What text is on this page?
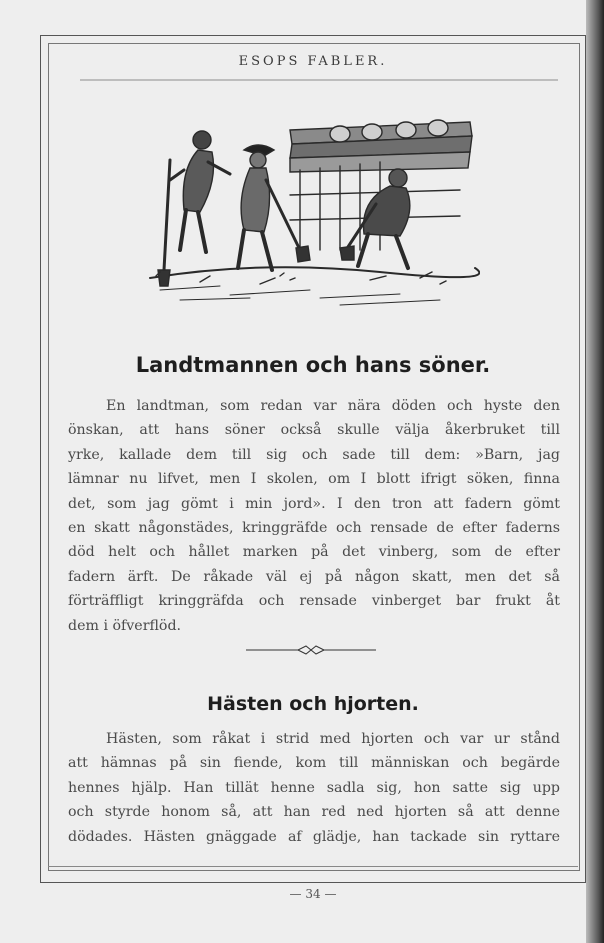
ESOPS FABLER.
Landtmannen och hans söner.
En landtman, som redan var nära döden och hyste den
önskan, att hans söner också skulle välja åkerbruket till
yrke, kallade dem till sig och sade till dem: »Barn, jag
lämnar nu lifvet, men I skolen, om I blott ifrigt söken, finna
det, som jag gömt i min jord». I den tron att fadern gömt
en skatt någonstädes, kringgräfde och rensade de efter faderns
död helt och hållet marken på det vinberg, som de efter
fadern ärft. De råkade väl ej på någon skatt, men det så
förträffligt kringgräfda och rensade vinberget bar frukt åt
dem i öfverflöd.
Hästen och hjorten.
Hästen, som råkat i strid med hjorten och var ur stånd
att hämnas på sin fiende, kom till människan och begärde
hennes hjälp. Han tillät henne sadla sig, hon satte sig upp
och styrde honom så, att han red ned hjorten så att denne
dödades. Hästen gnäggade af glädje, han tackade sin ryttare
— 34 —
